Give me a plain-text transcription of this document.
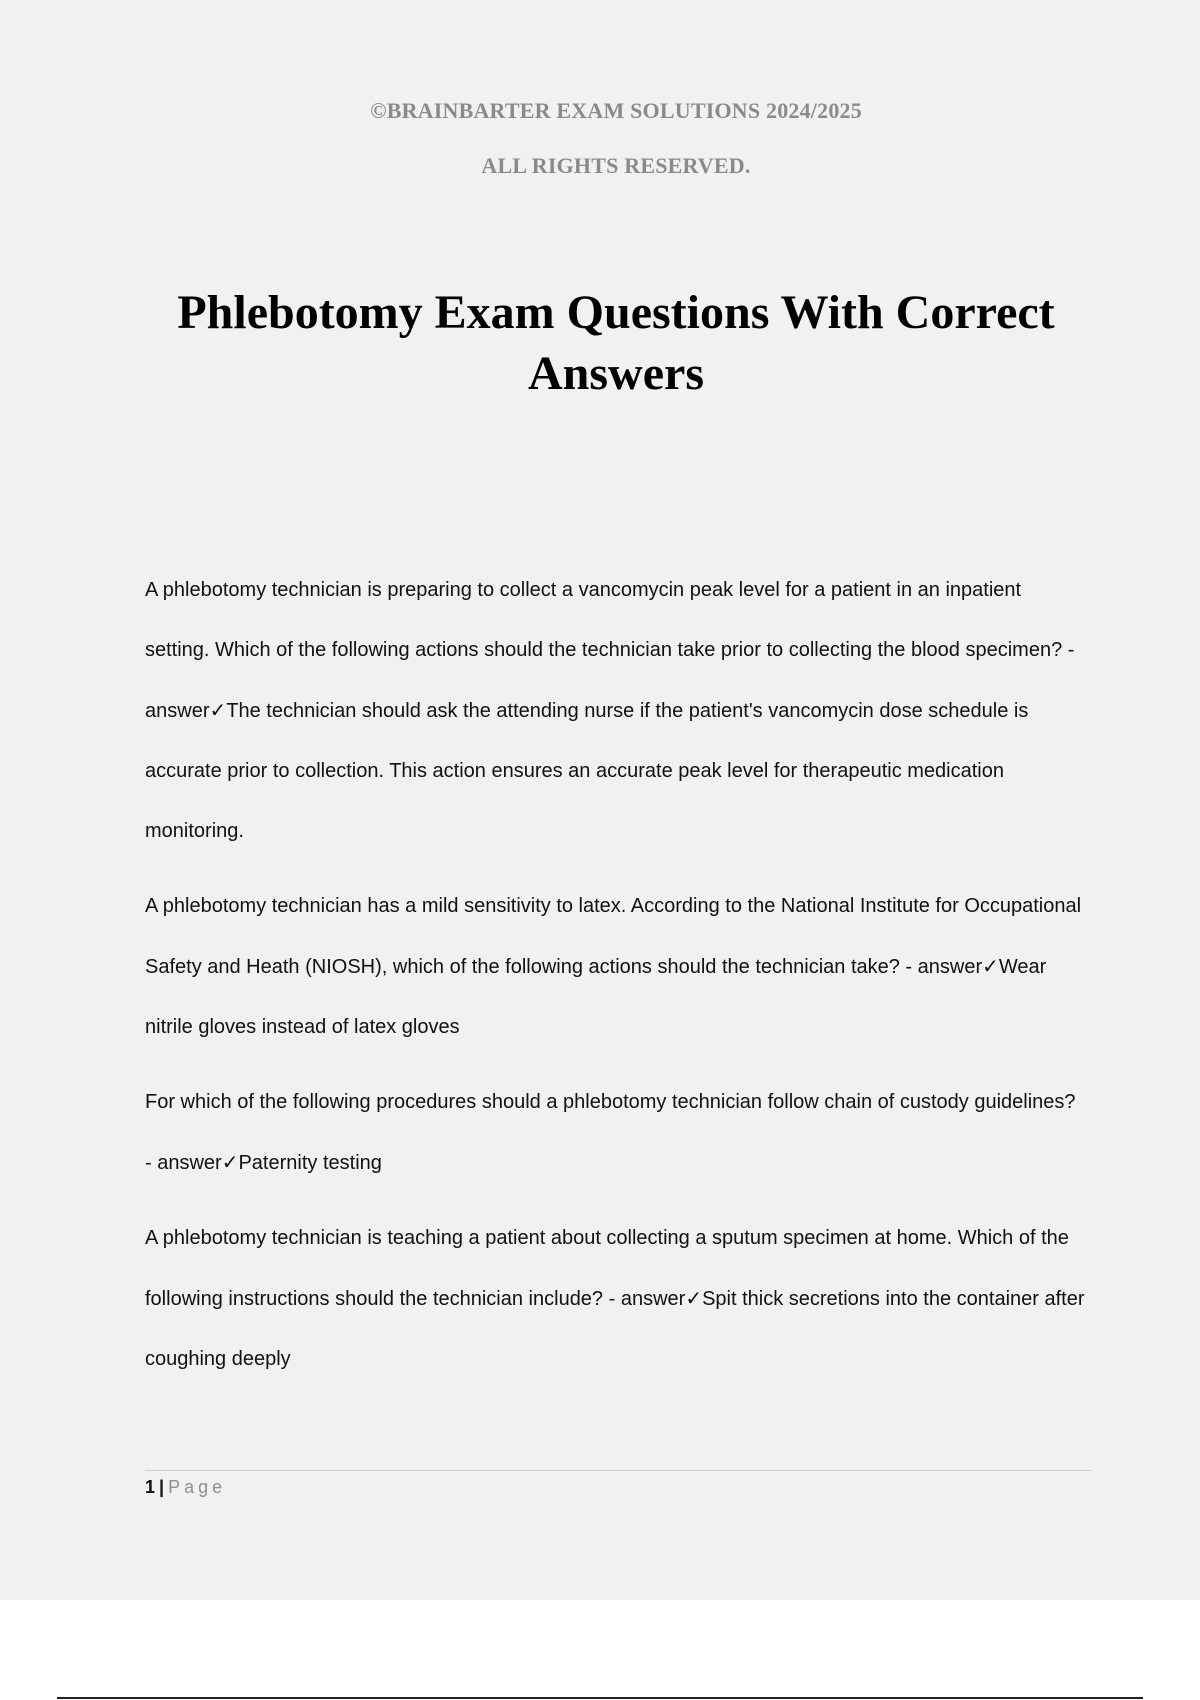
©BRAINBARTER EXAM SOLUTIONS 2024/2025
ALL RIGHTS RESERVED.
Phlebotomy Exam Questions With Correct Answers

A phlebotomy technician is preparing to collect a vancomycin peak level for a patient in an inpatient setting. Which of the following actions should the technician take prior to collecting the blood specimen? - answer✓The technician should ask the attending nurse if the patient's vancomycin dose schedule is accurate prior to collection. This action ensures an accurate peak level for therapeutic medication monitoring.

A phlebotomy technician has a mild sensitivity to latex. According to the National Institute for Occupational Safety and Heath (NIOSH), which of the following actions should the technician take? - answer✓Wear nitrile gloves instead of latex gloves

For which of the following procedures should a phlebotomy technician follow chain of custody guidelines? - answer✓Paternity testing

A phlebotomy technician is teaching a patient about collecting a sputum specimen at home. Which of the following instructions should the technician include? - answer✓Spit thick secretions into the container after coughing deeply

1 | Page
